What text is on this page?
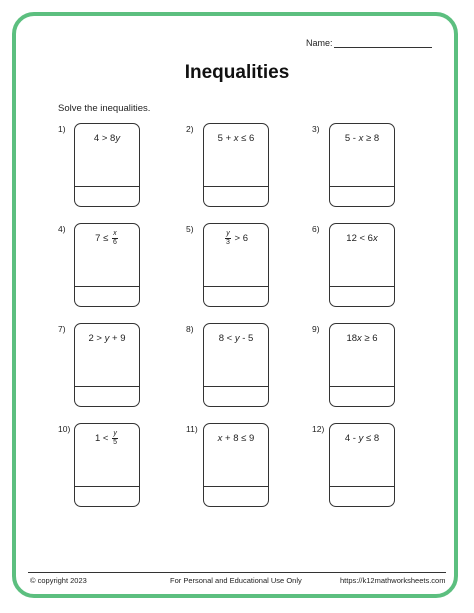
Name:
Inequalities
Solve the inequalities.
1)
4 > 8y
2)
5 + x ≤ 6
3)
5 - x ≥ 8
4)
$7 \le \frac{x}{6}$
5)
$\frac{y}{3} > 6$
6)
12 < 6x
7)
2 > y + 9
8)
8 < y - 5
9)
18x ≥ 6
10)
$1 < \frac{y}{5}$
11)
x + 8 ≤ 9
12)
4 - y ≤ 8
© copyright 2023	For Personal and Educational Use Only	https://k12mathworksheets.com
